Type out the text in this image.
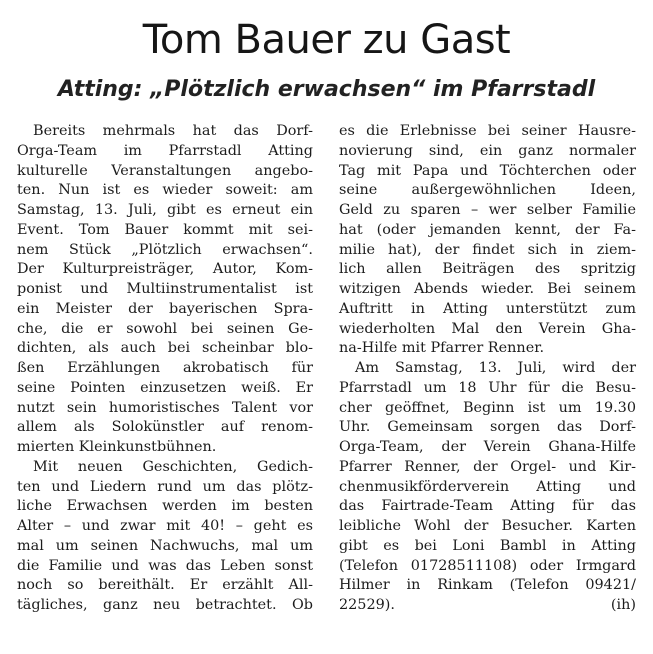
Tom Bauer zu Gast
Atting: „Plötzlich erwachsen“ im Pfarrstadl
Bereits mehrmals hat das Dorf-
Orga-Team im Pfarrstadl Atting
kulturelle Veranstaltungen angebo-
ten. Nun ist es wieder soweit: am
Samstag, 13. Juli, gibt es erneut ein
Event. Tom Bauer kommt mit sei-
nem Stück „Plötzlich erwachsen“.
Der Kulturpreisträger, Autor, Kom-
ponist und Multiinstrumentalist ist
ein Meister der bayerischen Spra-
che, die er sowohl bei seinen Ge-
dichten, als auch bei scheinbar blo-
ßen Erzählungen akrobatisch für
seine Pointen einzusetzen weiß. Er
nutzt sein humoristisches Talent vor
allem als Solokünstler auf renom-
mierten Kleinkunstbühnen.
Mit neuen Geschichten, Gedich-
ten und Liedern rund um das plötz-
liche Erwachsen werden im besten
Alter – und zwar mit 40! – geht es
mal um seinen Nachwuchs, mal um
die Familie und was das Leben sonst
noch so bereithält. Er erzählt All-
tägliches, ganz neu betrachtet. Ob
es die Erlebnisse bei seiner Hausre-
novierung sind, ein ganz normaler
Tag mit Papa und Töchterchen oder
seine außergewöhnlichen Ideen,
Geld zu sparen – wer selber Familie
hat (oder jemanden kennt, der Fa-
milie hat), der findet sich in ziem-
lich allen Beiträgen des spritzig
witzigen Abends wieder. Bei seinem
Auftritt in Atting unterstützt zum
wiederholten Mal den Verein Gha-
na-Hilfe mit Pfarrer Renner.
Am Samstag, 13. Juli, wird der
Pfarrstadl um 18 Uhr für die Besu-
cher geöffnet, Beginn ist um 19.30
Uhr. Gemeinsam sorgen das Dorf-
Orga-Team, der Verein Ghana-Hilfe
Pfarrer Renner, der Orgel- und Kir-
chenmusikförderverein Atting und
das Fairtrade-Team Atting für das
leibliche Wohl der Besucher. Karten
gibt es bei Loni Bambl in Atting
(Telefon 01728511108) oder Irmgard
Hilmer in Rinkam (Telefon 09421/
22529).	(ih)
